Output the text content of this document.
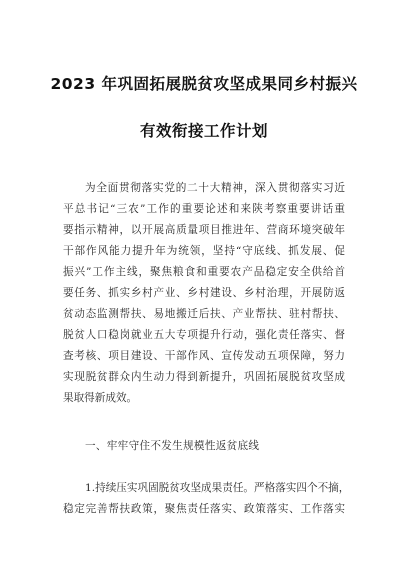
2023 年巩固拓展脱贫攻坚成果同乡村振兴
有效衔接工作计划
为全面贯彻落实党的二十大精神，深入贯彻落实习近
平总书记“三农”工作的重要论述和来陕考察重要讲话重
要指示精神，以开展高质量项目推进年、营商环境突破年
干部作风能力提升年为统领，坚持“守底线、抓发展、促
振兴”工作主线，聚焦粮食和重要农产品稳定安全供给首
要任务、抓实乡村产业、乡村建设、乡村治理，开展防返
贫动态监测帮扶、易地搬迁后扶、产业帮扶、驻村帮扶、
脱贫人口稳岗就业五大专项提升行动，强化责任落实、督
查考核、项目建设、干部作风、宣传发动五项保障，努力
实现脱贫群众内生动力得到新提升，巩固拓展脱贫攻坚成
果取得新成效。
一、牢牢守住不发生规模性返贫底线
1.持续压实巩固脱贫攻坚成果责任。严格落实四个不摘，
稳定完善帮扶政策，聚焦责任落实、政策落实、工作落实
